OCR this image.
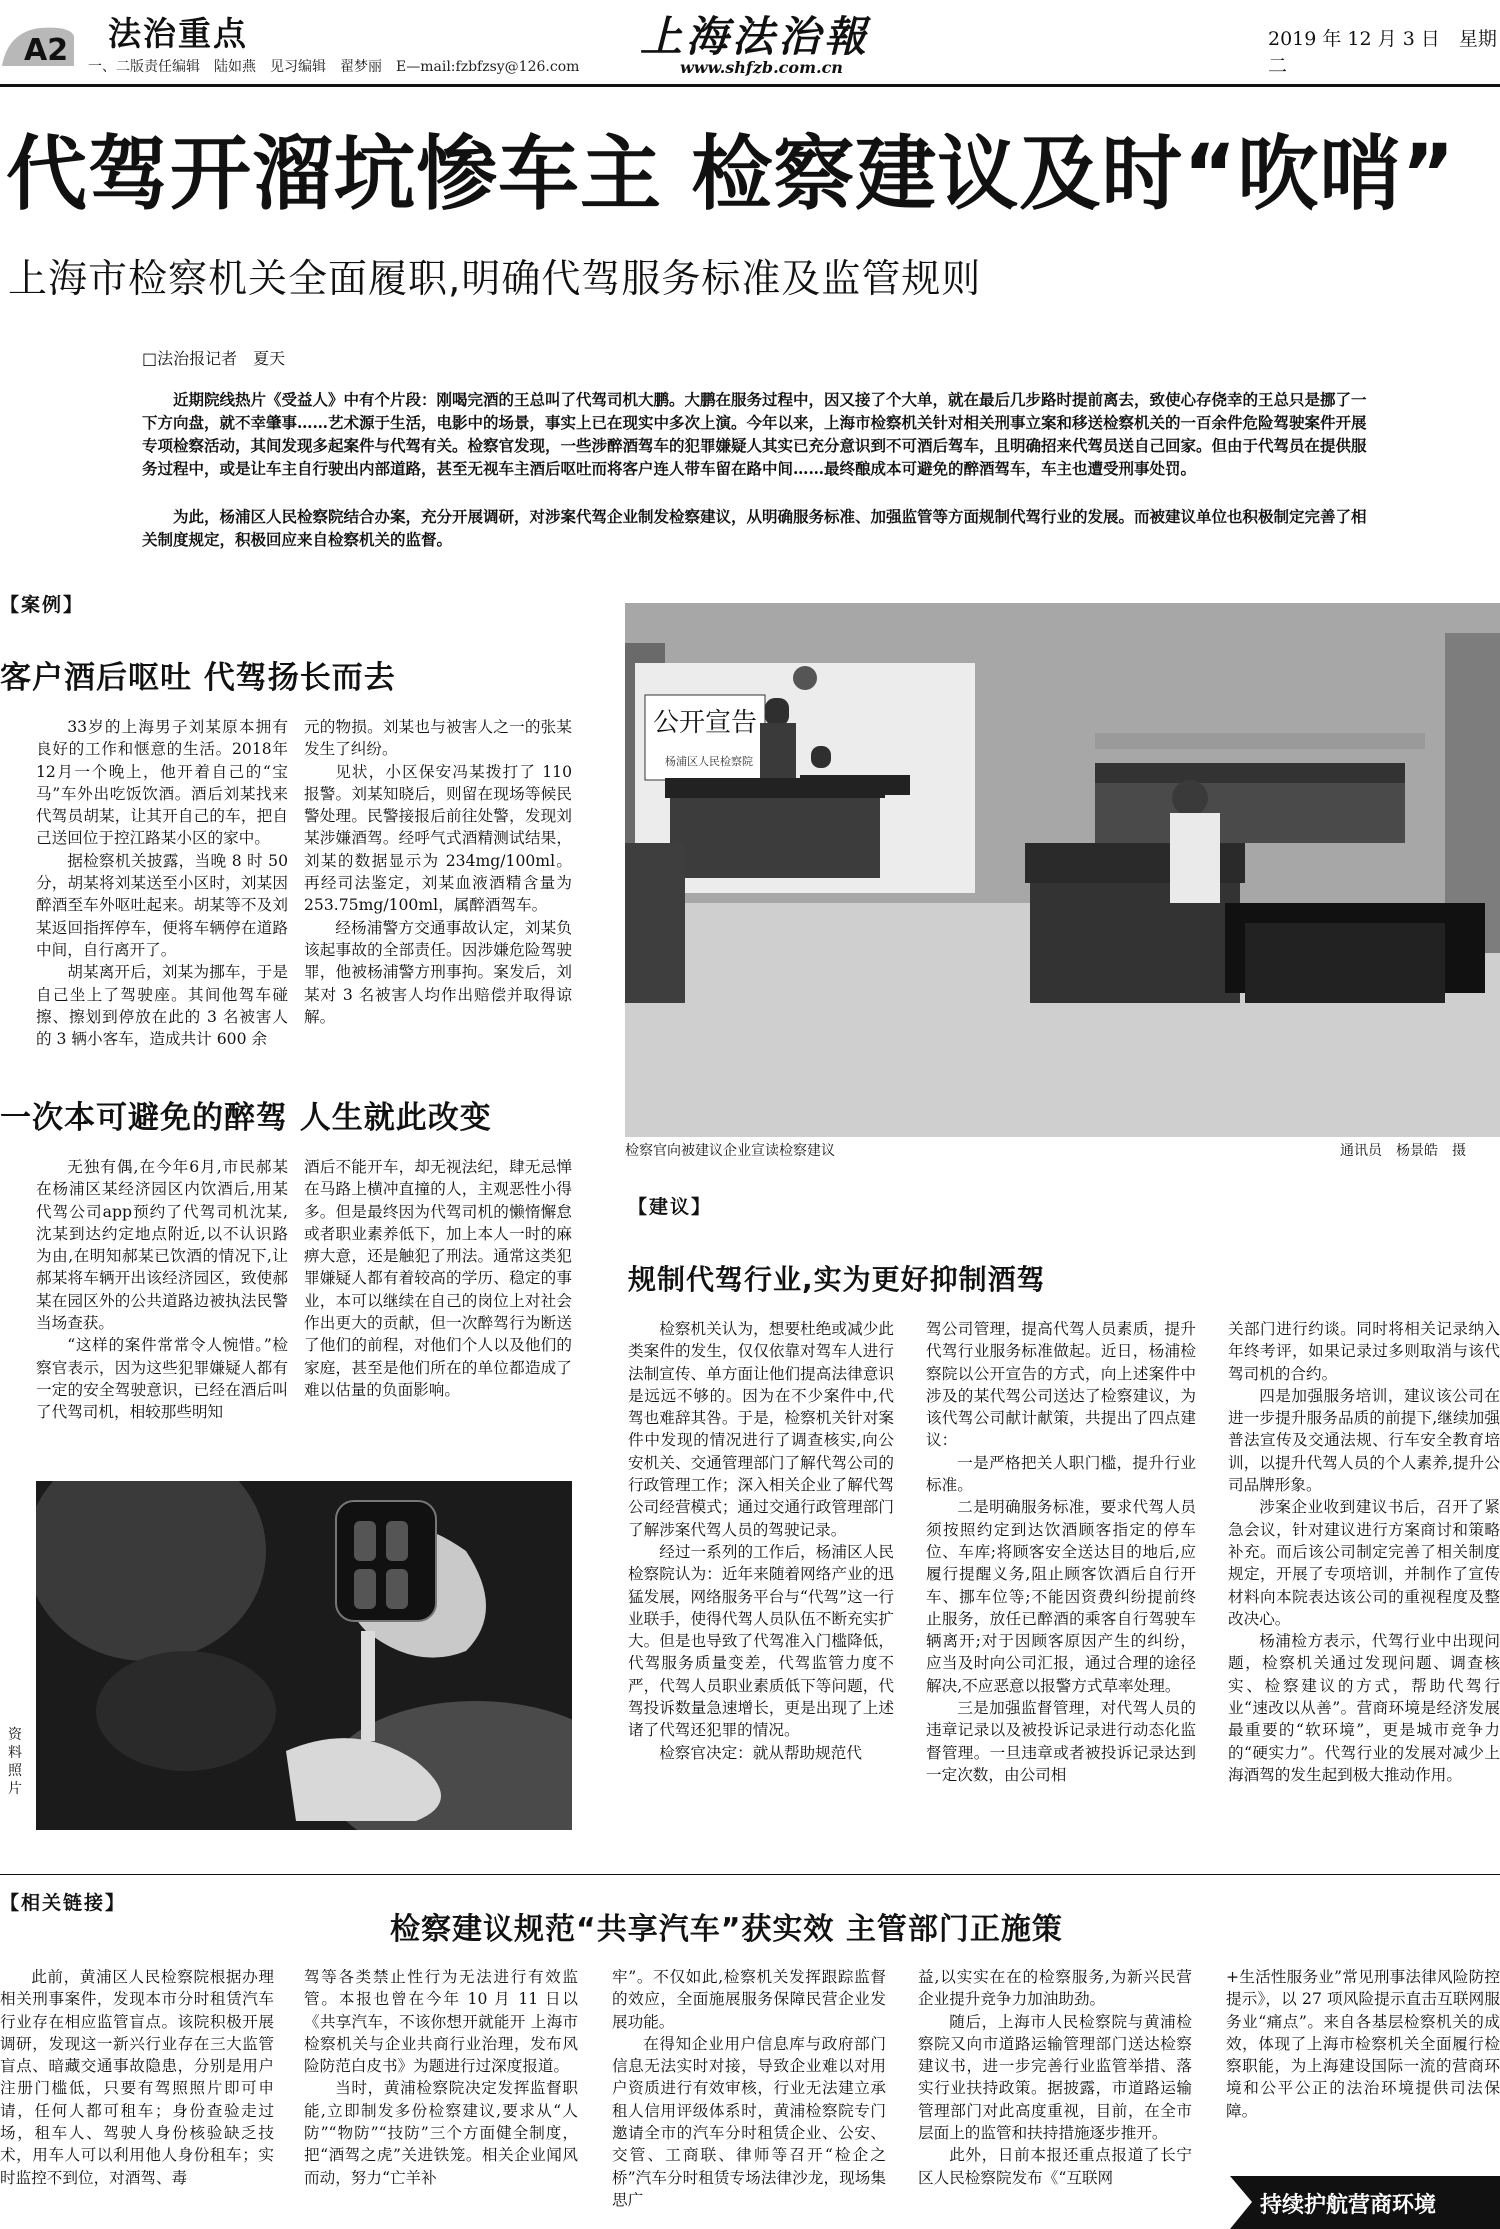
A2 法治重点
一、二版责任编辑　陆如燕　见习编辑　翟梦丽　E—mail:fzbfzsy@126.com
上海法治報
www.shfzb.com.cn
2019 年 12 月 3 日　星期二
代驾开溜坑惨车主 检察建议及时“吹哨”
上海市检察机关全面履职,明确代驾服务标准及监管规则
□法治报记者　夏天

近期院线热片《受益人》中有个片段：刚喝完酒的王总叫了代驾司机大鹏。大鹏在服务过程中，因又接了个大单，就在最后几步路时提前离去，致使心存侥幸的王总只是挪了一下方向盘，就不幸肇事……艺术源于生活，电影中的场景，事实上已在现实中多次上演。今年以来，上海市检察机关针对相关刑事立案和移送检察机关的一百余件危险驾驶案件开展专项检察活动，其间发现多起案件与代驾有关。检察官发现，一些涉醉酒驾车的犯罪嫌疑人其实已充分意识到不可酒后驾车，且明确招来代驾员送自己回家。但由于代驾员在提供服务过程中，或是让车主自行驶出内部道路，甚至无视车主酒后呕吐而将客户连人带车留在路中间……最终酿成本可避免的醉酒驾车，车主也遭受刑事处罚。

为此，杨浦区人民检察院结合办案，充分开展调研，对涉案代驾企业制发检察建议，从明确服务标准、加强监管等方面规制代驾行业的发展。而被建议单位也积极制定完善了相关制度规定，积极回应来自检察机关的监督。

【案例】
客户酒后呕吐 代驾扬长而去

33岁的上海男子刘某原本拥有良好的工作和惬意的生活。2018年12月一个晚上，他开着自己的“宝马”车外出吃饭饮酒。酒后刘某找来代驾员胡某，让其开自己的车，把自己送回位于控江路某小区的家中。

据检察机关披露，当晚 8 时 50 分，胡某将刘某送至小区时，刘某因醉酒至车外呕吐起来。胡某等不及刘某返回指挥停车，便将车辆停在道路中间，自行离开了。

胡某离开后，刘某为挪车，于是自己坐上了驾驶座。其间他驾车碰擦、擦划到停放在此的 3 名被害人的 3 辆小客车，造成共计 600 余

元的物损。刘某也与被害人之一的张某发生了纠纷。

见状，小区保安冯某拨打了 110 报警。刘某知晓后，则留在现场等候民警处理。民警接报后前往处警，发现刘某涉嫌酒驾。经呼气式酒精测试结果，刘某的数据显示为 234mg/100ml。再经司法鉴定，刘某血液酒精含量为 253.75mg/100ml，属醉酒驾车。

经杨浦警方交通事故认定，刘某负该起事故的全部责任。因涉嫌危险驾驶罪，他被杨浦警方刑事拘。案发后，刘某对 3 名被害人均作出赔偿并取得谅解。

一次本可避免的醉驾 人生就此改变

无独有偶,在今年6月,市民郝某在杨浦区某经济园区内饮酒后,用某代驾公司app预约了代驾司机沈某,沈某到达约定地点附近,以不认识路为由,在明知郝某已饮酒的情况下,让郝某将车辆开出该经济园区，致使郝某在园区外的公共道路边被执法民警当场查获。

“这样的案件常常令人惋惜。”检察官表示，因为这些犯罪嫌疑人都有一定的安全驾驶意识，已经在酒后叫了代驾司机，相较那些明知

酒后不能开车，却无视法纪，肆无忌惮在马路上横冲直撞的人，主观恶性小得多。但是最终因为代驾司机的懒惰懈怠或者职业素养低下，加上本人一时的麻痹大意，还是触犯了刑法。通常这类犯罪嫌疑人都有着较高的学历、稳定的事业，本可以继续在自己的岗位上对社会作出更大的贡献，但一次醉驾行为断送了他们的前程，对他们个人以及他们的家庭，甚至是他们所在的单位都造成了难以估量的负面影响。

公开宣告
杨浦区人民检察院
检察官向被建议企业宣读检察建议	通讯员　杨景皓　摄
【建议】
规制代驾行业,实为更好抑制酒驾

检察机关认为，想要杜绝或减少此类案件的发生，仅仅依靠对驾车人进行法制宣传、单方面让他们提高法律意识是远远不够的。因为在不少案件中,代驾也难辞其咎。于是，检察机关针对案件中发现的情况进行了调查核实,向公安机关、交通管理部门了解代驾公司的行政管理工作；深入相关企业了解代驾公司经营模式；通过交通行政管理部门了解涉案代驾人员的驾驶记录。

经过一系列的工作后，杨浦区人民检察院认为：近年来随着网络产业的迅猛发展，网络服务平台与“代驾”这一行业联手，使得代驾人员队伍不断充实扩大。但是也导致了代驾准入门槛降低，代驾服务质量变差，代驾监管力度不严，代驾人员职业素质低下等问题，代驾投诉数量急速增长，更是出现了上述诸了代驾还犯罪的情况。

检察官决定：就从帮助规范代

驾公司管理，提高代驾人员素质，提升代驾行业服务标准做起。近日，杨浦检察院以公开宣告的方式，向上述案件中涉及的某代驾公司送达了检察建议，为该代驾公司献计献策，共提出了四点建议：

一是严格把关人职门槛，提升行业标准。

二是明确服务标准，要求代驾人员须按照约定到达饮酒顾客指定的停车位、车库;将顾客安全送达目的地后,应履行提醒义务,阻止顾客饮酒后自行开车、挪车位等;不能因资费纠纷提前终止服务，放任已醉酒的乘客自行驾驶车辆离开;对于因顾客原因产生的纠纷，应当及时向公司汇报，通过合理的途径解决,不应恶意以报警方式草率处理。

三是加强监督管理，对代驾人员的违章记录以及被投诉记录进行动态化监督管理。一旦违章或者被投诉记录达到一定次数，由公司相

关部门进行约谈。同时将相关记录纳入年终考评，如果记录过多则取消与该代驾司机的合约。

四是加强服务培训，建议该公司在进一步提升服务品质的前提下,继续加强普法宣传及交通法规、行车安全教育培训，以提升代驾人员的个人素养,提升公司品牌形象。

涉案企业收到建议书后，召开了紧急会议，针对建议进行方案商讨和策略补充。而后该公司制定完善了相关制度规定，开展了专项培训，并制作了宣传材料向本院表达该公司的重视程度及整改决心。

杨浦检方表示，代驾行业中出现问题，检察机关通过发现问题、调查核实、检察建议的方式，帮助代驾行业“速改以从善”。营商环境是经济发展最重要的“软环境”，更是城市竞争力的“硬实力”。代驾行业的发展对减少上海酒驾的发生起到极大推动作用。

资料照片
【相关链接】
检察建议规范“共享汽车”获实效 主管部门正施策

此前，黄浦区人民检察院根据办理相关刑事案件，发现本市分时租赁汽车行业存在相应监管盲点。该院积极开展调研，发现这一新兴行业存在三大监管盲点、暗藏交通事故隐患，分别是用户注册门槛低，只要有驾照照片即可申请，任何人都可租车；身份查验走过场，租车人、驾驶人身份核验缺乏技术，用车人可以利用他人身份租车；实时监控不到位，对酒驾、毒

驾等各类禁止性行为无法进行有效监管。本报也曾在今年 10 月 11 日以《共享汽车，不该你想开就能开 上海市检察机关与企业共商行业治理，发布风险防范白皮书》为题进行过深度报道。

当时，黄浦检察院决定发挥监督职能,立即制发多份检察建议,要求从“人防”“物防”“技防”三个方面健全制度，把“酒驾之虎”关进铁笼。相关企业闻风而动，努力“亡羊补

牢”。不仅如此,检察机关发挥跟踪监督的效应，全面施展服务保障民营企业发展功能。

在得知企业用户信息库与政府部门信息无法实时对接，导致企业难以对用户资质进行有效审核，行业无法建立承租人信用评级体系时，黄浦检察院专门邀请全市的汽车分时租赁企业、公安、交管、工商联、律师等召开“检企之桥”汽车分时租赁专场法律沙龙，现场集思广

益,以实实在在的检察服务,为新兴民营企业提升竞争力加油助劲。

随后，上海市人民检察院与黄浦检察院又向市道路运输管理部门送达检察建议书，进一步完善行业监管举措、落实行业扶持政策。据披露，市道路运输管理部门对此高度重视，目前，在全市层面上的监管和扶持措施逐步推开。

此外，日前本报还重点报道了长宁区人民检察院发布《“互联网

+生活性服务业”常见刑事法律风险防控提示》，以 27 项风险提示直击互联网服务业“痛点”。来自各基层检察机关的成效，体现了上海市检察机关全面履行检察职能，为上海建设国际一流的营商环境和公平公正的法治环境提供司法保障。

持续护航营商环境
